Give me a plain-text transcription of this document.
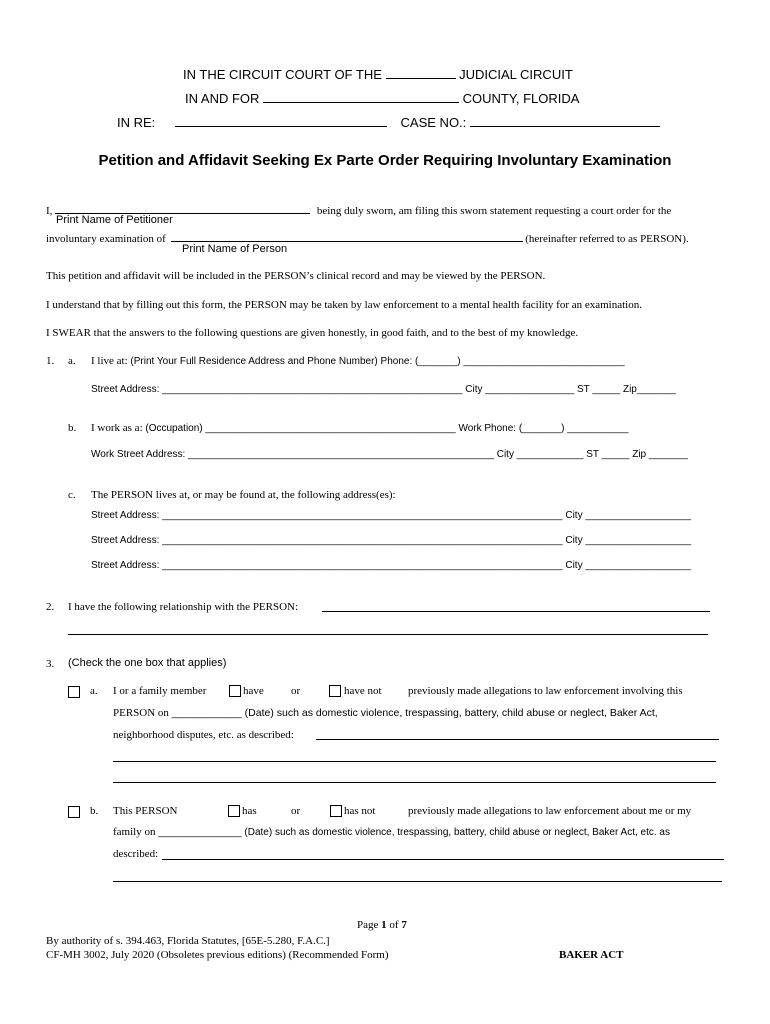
IN THE CIRCUIT COURT OF THE	JUDICIAL CIRCUIT
IN AND FOR	COUNTY, FLORIDA
IN RE:	CASE NO.:
Petition and Affidavit Seeking Ex Parte Order Requiring Involuntary Examination
I,	being duly sworn, am filing this sworn statement requesting a court order for the
Print Name of Petitioner
involuntary examination of	(hereinafter referred to as PERSON).
Print Name of Person
This petition and affidavit will be included in the PERSON’s clinical record and may be viewed by the PERSON.
I understand that by filling out this form, the PERSON may be taken by law enforcement to a mental health facility for an examination.
I SWEAR that the answers to the following questions are given honestly, in good faith, and to the best of my knowledge.
1. a. I live at: (Print Your Full Residence Address and Phone Number) Phone: (_______) _____________________________
Street Address: ______________________________________________________ City ________________ ST _____ Zip_______
b. I work as a: (Occupation) _____________________________________________ Work Phone: (_______) ___________
Work Street Address: _______________________________________________________ City ____________ ST _____ Zip _______
c. The PERSON lives at, or may be found at, the following address(es):
Street Address: ________________________________________________________________________ City ___________________
Street Address: ________________________________________________________________________ City ___________________
Street Address: ________________________________________________________________________ City ___________________
2. I have the following relationship with the PERSON:
3. (Check the one box that applies)
a. I or a family member	have or	have not previously made allegations to law enforcement involving this
PERSON on ____________ (Date) such as domestic violence, trespassing, battery, child abuse or neglect, Baker Act,
neighborhood disputes, etc. as described:
b. This PERSON	has	or	has not	previously made allegations to law enforcement about me or my
family on _______________ (Date) such as domestic violence, trespassing, battery, child abuse or neglect, Baker Act, etc. as
described:
Page 1 of 7
By authority of s. 394.463, Florida Statutes, [65E-5.280, F.A.C.]
CF-MH 3002, July 2020 (Obsoletes previous editions) (Recommended Form)	BAKER ACT
